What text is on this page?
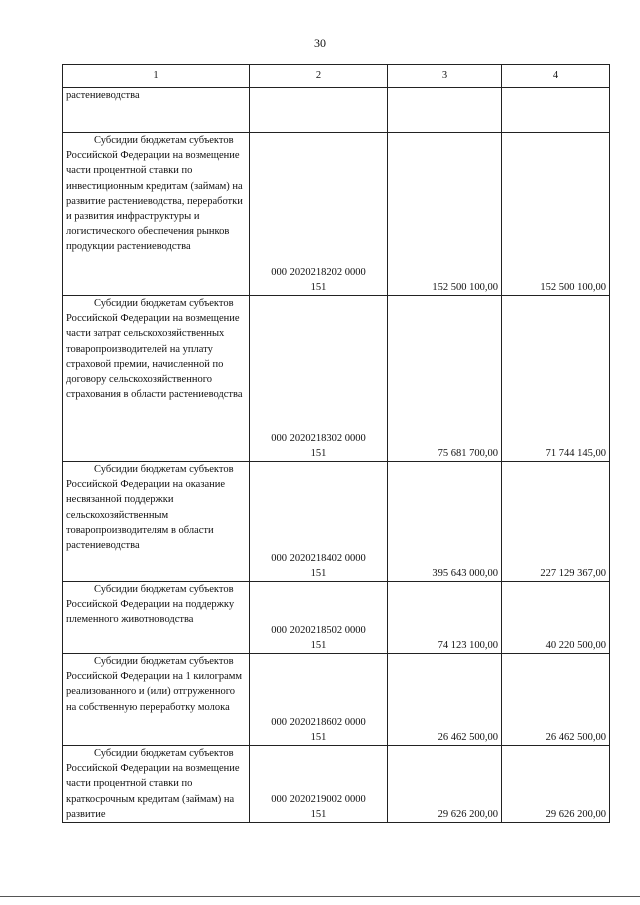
30
1	2	3	4
растениеводства			

Субсидии бюджетам субъектов Российской Федерации на возмещение части процентной ставки по инвестиционным кредитам (займам) на развитие растениеводства, переработки и развития инфраструктуры и логистического обеспечения рынков продукции растениеводства	000 2020218202 0000
151	152 500 100,00	152 500 100,00

Субсидии бюджетам субъектов Российской Федерации на возмещение части затрат сельскохозяйственных товаропроизводителей на уплату страховой премии, начисленной по договору сельскохозяйственного страхования в области растениеводства	000 2020218302 0000
151	75 681 700,00	71 744 145,00

Субсидии бюджетам субъектов Российской Федерации на оказание несвязанной поддержки сельскохозяйственным товаропроизводителям в области растениеводства	000 2020218402 0000
151	395 643 000,00	227 129 367,00

Субсидии бюджетам субъектов Российской Федерации на поддержку племенного животноводства	000 2020218502 0000
151	74 123 100,00	40 220 500,00

Субсидии бюджетам субъектов Российской Федерации на 1 килограмм реализованного и (или) отгруженного на собственную переработку молока	000 2020218602 0000
151	26 462 500,00	26 462 500,00

Субсидии бюджетам субъектов Российской Федерации на возмещение части процентной ставки по краткосрочным кредитам (займам) на развитие	000 2020219002 0000
151	29 626 200,00	29 626 200,00
